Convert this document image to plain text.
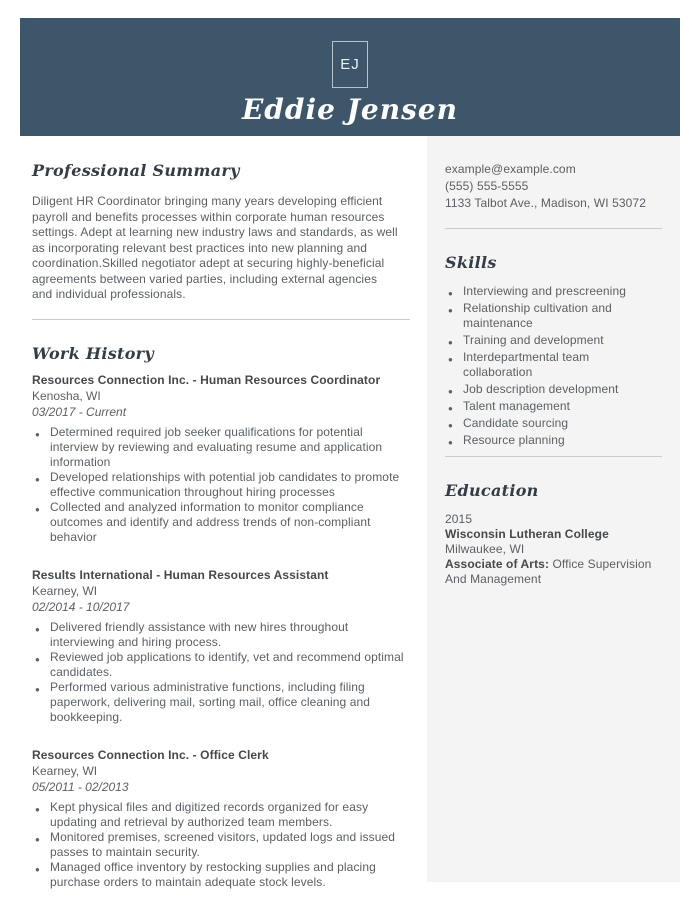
EJ
Eddie Jensen
Professional Summary

Diligent HR Coordinator bringing many years developing efficient payroll and benefits processes within corporate human resources settings. Adept at learning new industry laws and standards, as well as incorporating relevant best practices into new planning and coordination.Skilled negotiator adept at securing highly-beneficial agreements between varied parties, including external agencies and individual professionals.

Work History
Resources Connection Inc. - Human Resources Coordinator
Kenosha, WI
03/2017 - Current
● Determined required job seeker qualifications for potential interview by reviewing and evaluating resume and application information
● Developed relationships with potential job candidates to promote effective communication throughout hiring processes
● Collected and analyzed information to monitor compliance outcomes and identify and address trends of non-compliant behavior
Results International - Human Resources Assistant
Kearney, WI
02/2014 - 10/2017
● Delivered friendly assistance with new hires throughout interviewing and hiring process.
● Reviewed job applications to identify, vet and recommend optimal candidates.
● Performed various administrative functions, including filing paperwork, delivering mail, sorting mail, office cleaning and bookkeeping.
Resources Connection Inc. - Office Clerk
Kearney, WI
05/2011 - 02/2013
● Kept physical files and digitized records organized for easy updating and retrieval by authorized team members.
● Monitored premises, screened visitors, updated logs and issued passes to maintain security.
● Managed office inventory by restocking supplies and placing purchase orders to maintain adequate stock levels.
example@example.com
(555) 555-5555
1133 Talbot Ave., Madison, WI 53072
Skills
● Interviewing and prescreening
● Relationship cultivation and maintenance
● Training and development
● Interdepartmental team collaboration
● Job description development
● Talent management
● Candidate sourcing
● Resource planning
Education
2015
Wisconsin Lutheran College
Milwaukee, WI
Associate of Arts: Office Supervision And Management
